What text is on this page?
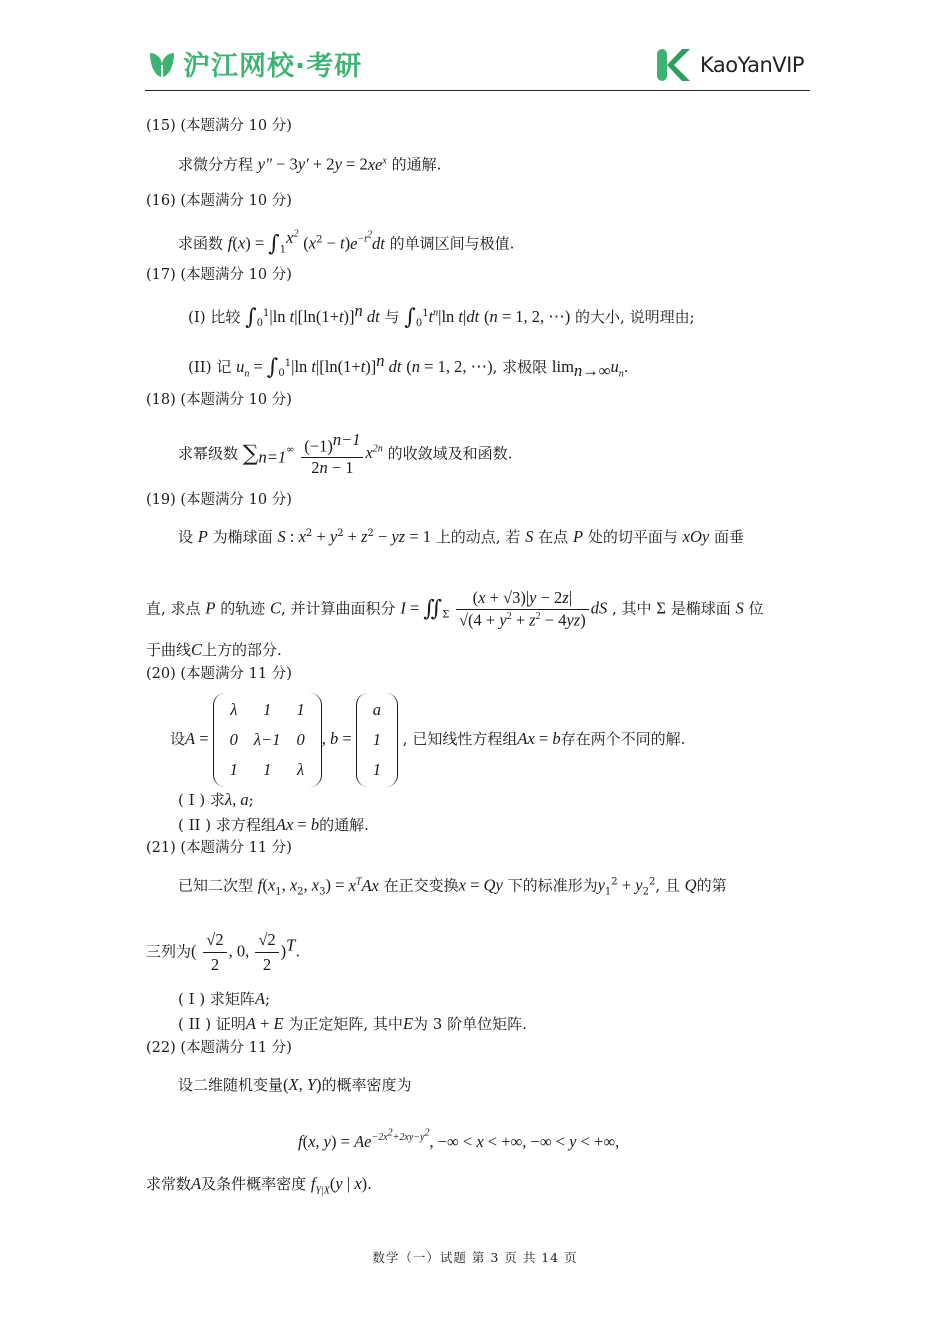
沪江网校·考研	KaoYanVIP
(15) (本题满分 10 分)
求微分方程 $y'' - 3y' + 2y = 2xe^x$ 的通解.
(16) (本题满分 10 分)
求函数 $f(x) = \int_1^{x^2}$ $(x^2 - t)e^{-t^2}dt$ 的单调区间与极值.
(17) (本题满分 10 分)
(I) 比较 $\int_0^1|\ln$ $t|[\ln(1+t)]^n$ dt 与 $\int_0^1t^n|\ln$ t|dt (n = 1, 2, ⋯) 的大小, 说明理由;
(II) 记 $u_n = \int_0^1|\ln$ $t|[\ln(1+t)]^n$ dt (n = 1, 2, ⋯), 求极限 $\lim_{n\to\infty}u_n$.
(18) (本题满分 10 分)
求幂级数 $\sum_{n=1}^\infty \frac{(-1)^{n-1}}{2n - 1} x^{2n}$ 的收敛域及和函数.
(19) (本题满分 10 分)
设 P 为椭球面 S : $x^2 + y^2 + z^2$ − yz = 1 上的动点, 若 S 在点 P 处的切平面与 xOy 面垂
直, 求点 P 的轨迹 C, 并计算曲面积分 $I = ∬_\Sigma \frac{(x + √3)|y - 2z|}{√(4 + y^2 + z^2 - 4yz)}$ dS , 其中 Σ 是椭球面 S 位
于曲线C上方的部分.
(20) (本题满分 11 分)
设A =
λ	1	1
0	λ−1	0
1	1	λ
, b =
a
1
1
, 已知线性方程组Ax = b存在两个不同的解.
( I ) 求λ, a;
( II ) 求方程组Ax = b的通解.
(21) (本题满分 11 分)
已知二次型 $f(x_1$, $x_2$, $x_3) = x^TAx$ 在正交变换x = Qy 下的标准形为$y_1^2 + y_2^2$, 且 Q的第
三列为( $\frac{√2}{2}$ , 0, $\frac{√2}{2} )^T$.
( I ) 求矩阵A;
( II ) 证明A + E 为正定矩阵, 其中E为 3 阶单位矩阵.
(22) (本题满分 11 分)
设二维随机变量(X, Y)的概率密度为
f(x, $y) = Ae^{-2x^2+2xy-y^2}$, −∞ < x < +∞, −∞ < y < +∞,
求常数A及条件概率密度 $f_{Y|X}(y$ | x).
数学（一）试题 第 3 页 共 14 页
